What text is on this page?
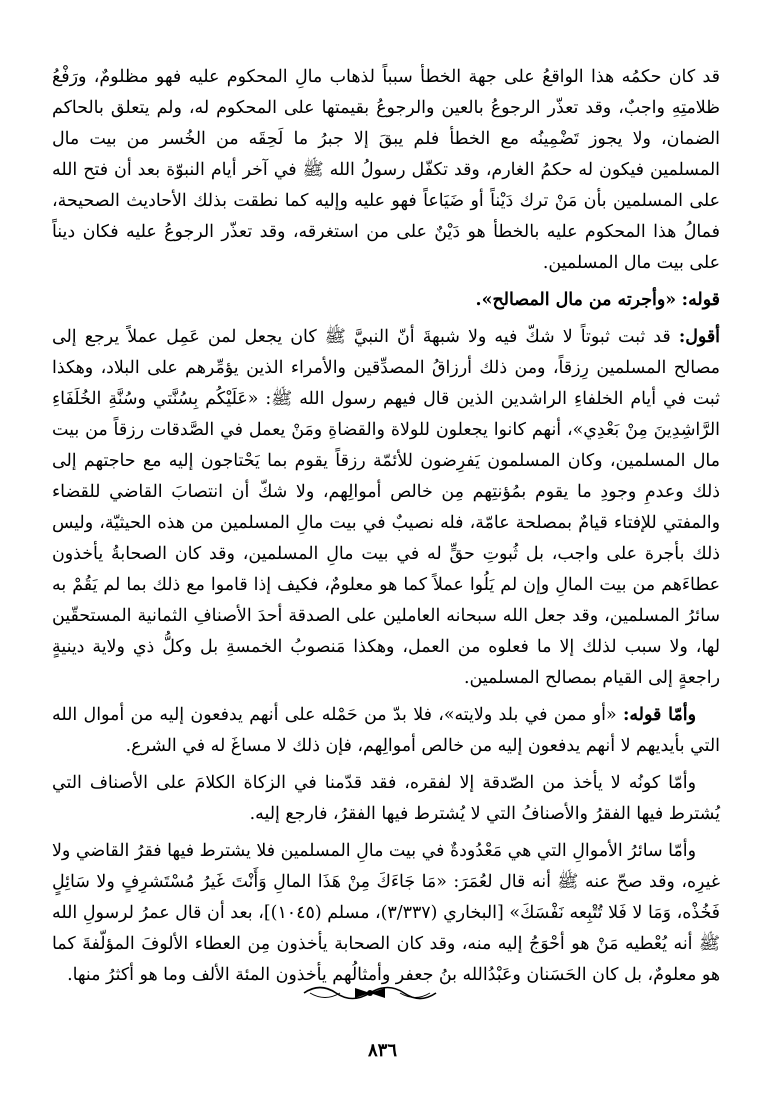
قد كان حكمُه هذا الواقعُ على جهة الخطأ سبباً لذهاب مالِ المحكوم عليه فهو مظلومٌ، ورَفْعُ ظلامتِهِ واجبٌ، وقد تعذّر الرجوعُ بالعين والرجوعُ بقيمتها على المحكوم له، ولم يتعلق بالحاكم الضمان، ولا يجوز تَضْمِينُه مع الخطأ فلم يبقَ إلا جبرُ ما لَحِقَه من الخُسر من بيت مال المسلمين فيكون له حكمُ الغارم، وقد تكفّل رسولُ الله ﷺ في آخر أيام النبوّة بعد أن فتح الله على المسلمين بأن مَنْ ترك دَيْناً أو ضَيَاعاً فهو عليه وإليه كما نطقت بذلك الأحاديث الصحيحة، فمالُ هذا المحكوم عليه بالخطأ هو دَيْنٌ على من استغرقه، وقد تعذّر الرجوعُ عليه فكان ديناً على بيت مال المسلمين.

قوله: «وأجرته من مال المصالح».

أقول: قد ثبت ثبوتاً لا شكّ فيه ولا شبهةَ أنّ النبيَّ ﷺ كان يجعل لمن عَمِل عملاً يرجع إلى مصالح المسلمين رِزقاً، ومن ذلك أرزاقُ المصدِّقين والأمراء الذين يؤمِّرهم على البلاد، وهكذا ثبت في أيام الخلفاءِ الراشدين الذين قال فيهم رسول الله ﷺ: «عَلَيْكُم بِسُنَّتي وسُنَّةِ الخُلَفَاءِ الرَّاشِدِينَ مِنْ بَعْدِي»، أنهم كانوا يجعلون للولاة والقضاةِ ومَنْ يعمل في الصَّدقات رزقاً من بيت مال المسلمين، وكان المسلمون يَفرِضون للأئمّة رزقاً يقوم بما يَحْتاجون إليه مع حاجتهم إلى ذلك وعدمِ وجودِ ما يقوم بمُؤنتِهم مِن خالص أموالِهم، ولا شكّ أن انتصابَ القاضي للقضاء والمفتي للإفتاء قيامٌ بمصلحة عامّة، فله نصيبٌ في بيت مالِ المسلمين من هذه الحيثيّة، وليس ذلك بأجرة على واجب، بل ثُبوتِ حقٍّ له في بيت مالِ المسلمين، وقد كان الصحابةُ يأخذون عطاءَهم من بيت المالِ وإن لم يَلُوا عملاً كما هو معلومٌ، فكيف إذا قاموا مع ذلك بما لم يَقُمْ به سائرُ المسلمين، وقد جعل الله سبحانه العاملين على الصدقة أحدَ الأصنافِ الثمانية المستحقّين لها، ولا سبب لذلك إلا ما فعلوه من العمل، وهكذا مَنصوبُ الخمسةِ بل وكلُّ ذي ولاية دينيةٍ راجعةٍ إلى القيام بمصالح المسلمين.

وأمّا قوله: «أو ممن في بلد ولايته»، فلا بدّ من حَمْله على أنهم يدفعون إليه من أموال الله التي بأيديهم لا أنهم يدفعون إليه من خالص أموالِهم، فإن ذلك لا مساغَ له في الشرع.

وأمّا كونُه لا يأخذ من الصّدقة إلا لفقره، فقد قدّمنا في الزكاة الكلامَ على الأصناف التي يُشترط فيها الفقرُ والأصنافُ التي لا يُشترط فيها الفقرُ، فارجع إليه.

وأمّا سائرُ الأموالِ التي هي مَعْدُودةٌ في بيت مالِ المسلمين فلا يشترط فيها فقرُ القاضي ولا غيرِه، وقد صحّ عنه ﷺ أنه قال لعُمَرَ: «مَا جَاءَكَ مِنْ هَذَا المالِ وَأَنْتَ غَيرُ مُسْتَشرِفٍ ولا سَائِلٍ فَخُذْه، وَمَا لا فَلا تُتْبِعه نَفْسَكَ» [البخاري (٣/٣٣٧)، مسلم (١٠٤٥)]، بعد أن قال عمرُ لرسولِ الله ﷺ أنه يُعْطيه مَنْ هو أحْوَجُ إليه منه، وقد كان الصحابة يأخذون مِن العطاء الألوفَ المؤلّفةَ كما هو معلومٌ، بل كان الحَسَنان وعَبْدُالله بنُ جعفر وأمثالُهم يأخذون المئة الألف وما هو أكثرُ منها.

٨٣٦
